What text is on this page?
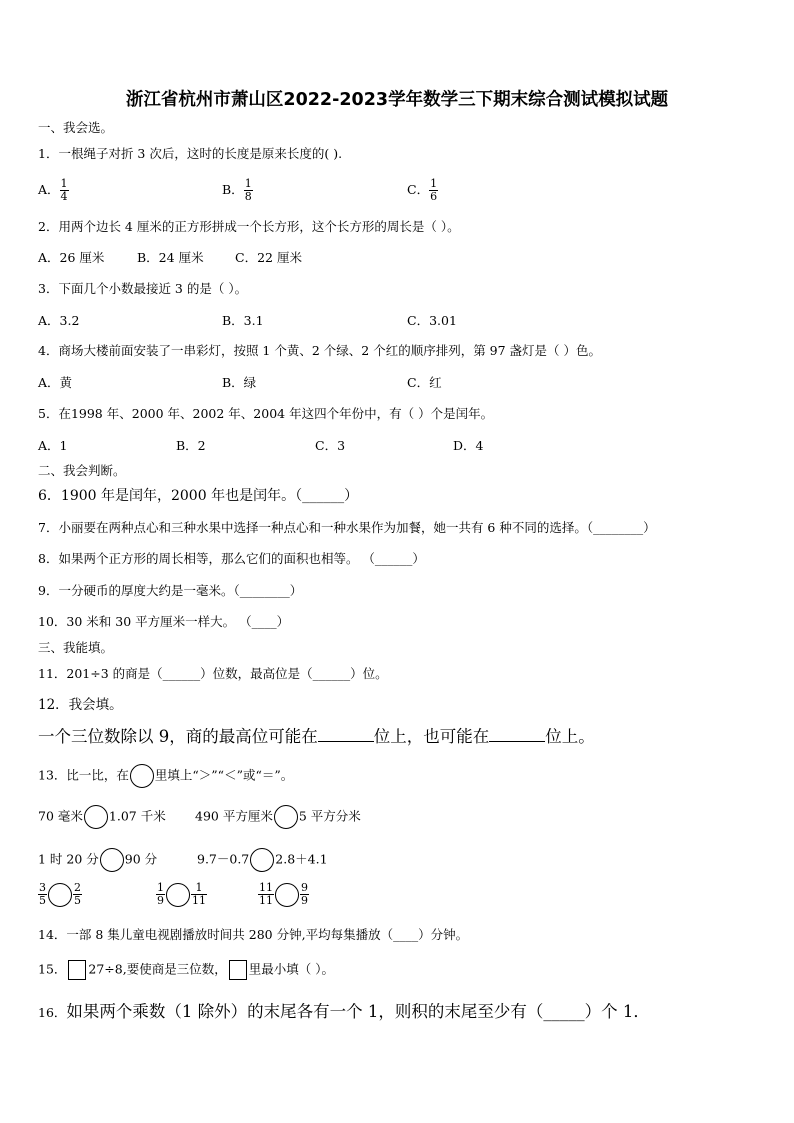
浙江省杭州市萧山区2022-2023学年数学三下期末综合测试模拟试题
一、我会选。
1．一根绳子对折 3 次后，这时的长度是原来长度的( ).
A． $\frac{1}{4}$	B． $\frac{1}{8}$	C． $\frac{1}{6}$
2．用两个边长 4 厘米的正方形拼成一个长方形，这个长方形的周长是（ ）。
A．26 厘米	B．24 厘米	C．22 厘米
3．下面几个小数最接近 3 的是（ ）。
A．3.2	B．3.1	C．3.01
4．商场大楼前面安装了一串彩灯，按照 1 个黄、2 个绿、2 个红的顺序排列，第 97 盏灯是（ ）色。
A．黄	B．绿	C．红
5．在1998 年、2000 年、2002 年、2004 年这四个年份中，有（ ）个是闰年。
A．1	B．2	C．3	D．4
二、我会判断。
6．1900 年是闰年，2000 年也是闰年。（______）
7．小丽要在两种点心和三种水果中选择一种点心和一种水果作为加餐，她一共有 6 种不同的选择。（________）
8．如果两个正方形的周长相等，那么它们的面积也相等。 （______）
9．一分硬币的厚度大约是一毫米。（________）
10．30 米和 30 平方厘米一样大。 （____）
三、我能填。
11．201÷3 的商是（______）位数，最高位是（______）位。
12．我会填。
一个三位数除以 9，商的最高位可能在	位上，也可能在	位上。
13．比一比，在 里填上“＞”“＜”或“＝”。
70 毫米 1.07 千米 490 平方厘米 5 平方分米
1 时 20 分 90 分	9.7－0.7 2.8＋4.1
$\frac{3}{5} \frac{2}{5}$	$\frac{1}{9} \frac{1}{11}$	$\frac{11}{11} \frac{9}{9}$
14．一部 8 集儿童电视剧播放时间共 280 分钟,平均每集播放（____）分钟。
15． 27÷8,要使商是三位数， 里最小填（ ）。
16．如果两个乘数（1 除外）的末尾各有一个 1，则积的末尾至少有（_____）个 1．
